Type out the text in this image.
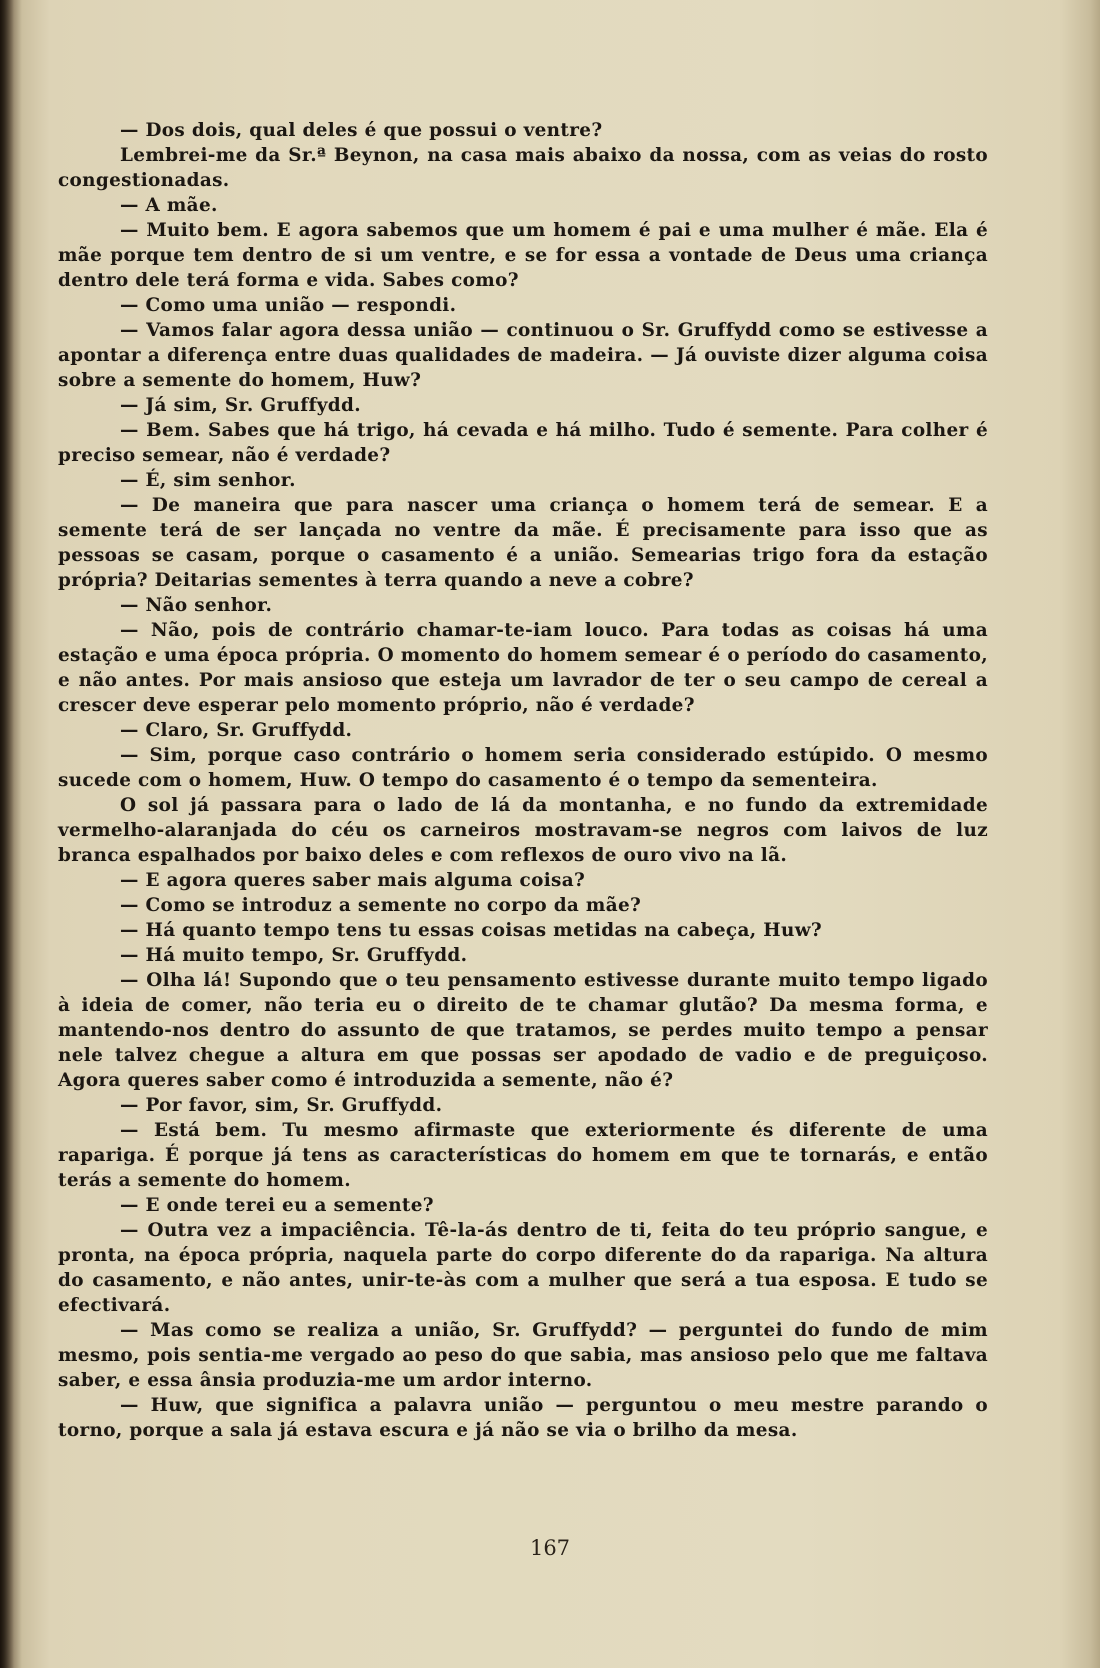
— Dos dois, qual deles é que possui o ventre?

Lembrei-me da Sr.ª Beynon, na casa mais abaixo da nossa, com as veias do rosto congestionadas.

— A mãe.

— Muito bem. E agora sabemos que um homem é pai e uma mulher é mãe. Ela é mãe porque tem dentro de si um ventre, e se for essa a vontade de Deus uma criança dentro dele terá forma e vida. Sabes como?

— Como uma união — respondi.

— Vamos falar agora dessa união — continuou o Sr. Gruffydd como se estivesse a apontar a diferença entre duas qualidades de madeira. — Já ouviste dizer alguma coisa sobre a semente do homem, Huw?

— Já sim, Sr. Gruffydd.

— Bem. Sabes que há trigo, há cevada e há milho. Tudo é semente. Para colher é preciso semear, não é verdade?

— É, sim senhor.

— De maneira que para nascer uma criança o homem terá de semear. E a semente terá de ser lançada no ventre da mãe. É precisamente para isso que as pessoas se casam, porque o casamento é a união. Semearias trigo fora da estação própria? Deitarias sementes à terra quando a neve a cobre?

— Não senhor.

— Não, pois de contrário chamar-te-iam louco. Para todas as coisas há uma estação e uma época própria. O momento do homem semear é o período do casamento, e não antes. Por mais ansioso que esteja um lavrador de ter o seu campo de cereal a crescer deve esperar pelo momento próprio, não é verdade?

— Claro, Sr. Gruffydd.

— Sim, porque caso contrário o homem seria considerado estúpido. O mesmo sucede com o homem, Huw. O tempo do casamento é o tempo da sementeira.

O sol já passara para o lado de lá da montanha, e no fundo da extremidade vermelho-alaranjada do céu os carneiros mostravam-se negros com laivos de luz branca espalhados por baixo deles e com reflexos de ouro vivo na lã.

— E agora queres saber mais alguma coisa?

— Como se introduz a semente no corpo da mãe?

— Há quanto tempo tens tu essas coisas metidas na cabeça, Huw?

— Há muito tempo, Sr. Gruffydd.

— Olha lá! Supondo que o teu pensamento estivesse durante muito tempo ligado à ideia de comer, não teria eu o direito de te chamar glutão? Da mesma forma, e mantendo-nos dentro do assunto de que tratamos, se perdes muito tempo a pensar nele talvez chegue a altura em que possas ser apodado de vadio e de preguiçoso. Agora queres saber como é introduzida a semente, não é?

— Por favor, sim, Sr. Gruffydd.

— Está bem. Tu mesmo afirmaste que exteriormente és diferente de uma rapariga. É porque já tens as características do homem em que te tornarás, e então terás a semente do homem.

— E onde terei eu a semente?

— Outra vez a impaciência. Tê-la-ás dentro de ti, feita do teu próprio sangue, e pronta, na época própria, naquela parte do corpo diferente do da rapariga. Na altura do casamento, e não antes, unir-te-às com a mulher que será a tua esposa. E tudo se efectivará.

— Mas como se realiza a união, Sr. Gruffydd? — perguntei do fundo de mim mesmo, pois sentia-me vergado ao peso do que sabia, mas ansioso pelo que me faltava saber, e essa ânsia produzia-me um ardor interno.

— Huw, que significa a palavra união — perguntou o meu mestre parando o torno, porque a sala já estava escura e já não se via o brilho da mesa.

167
